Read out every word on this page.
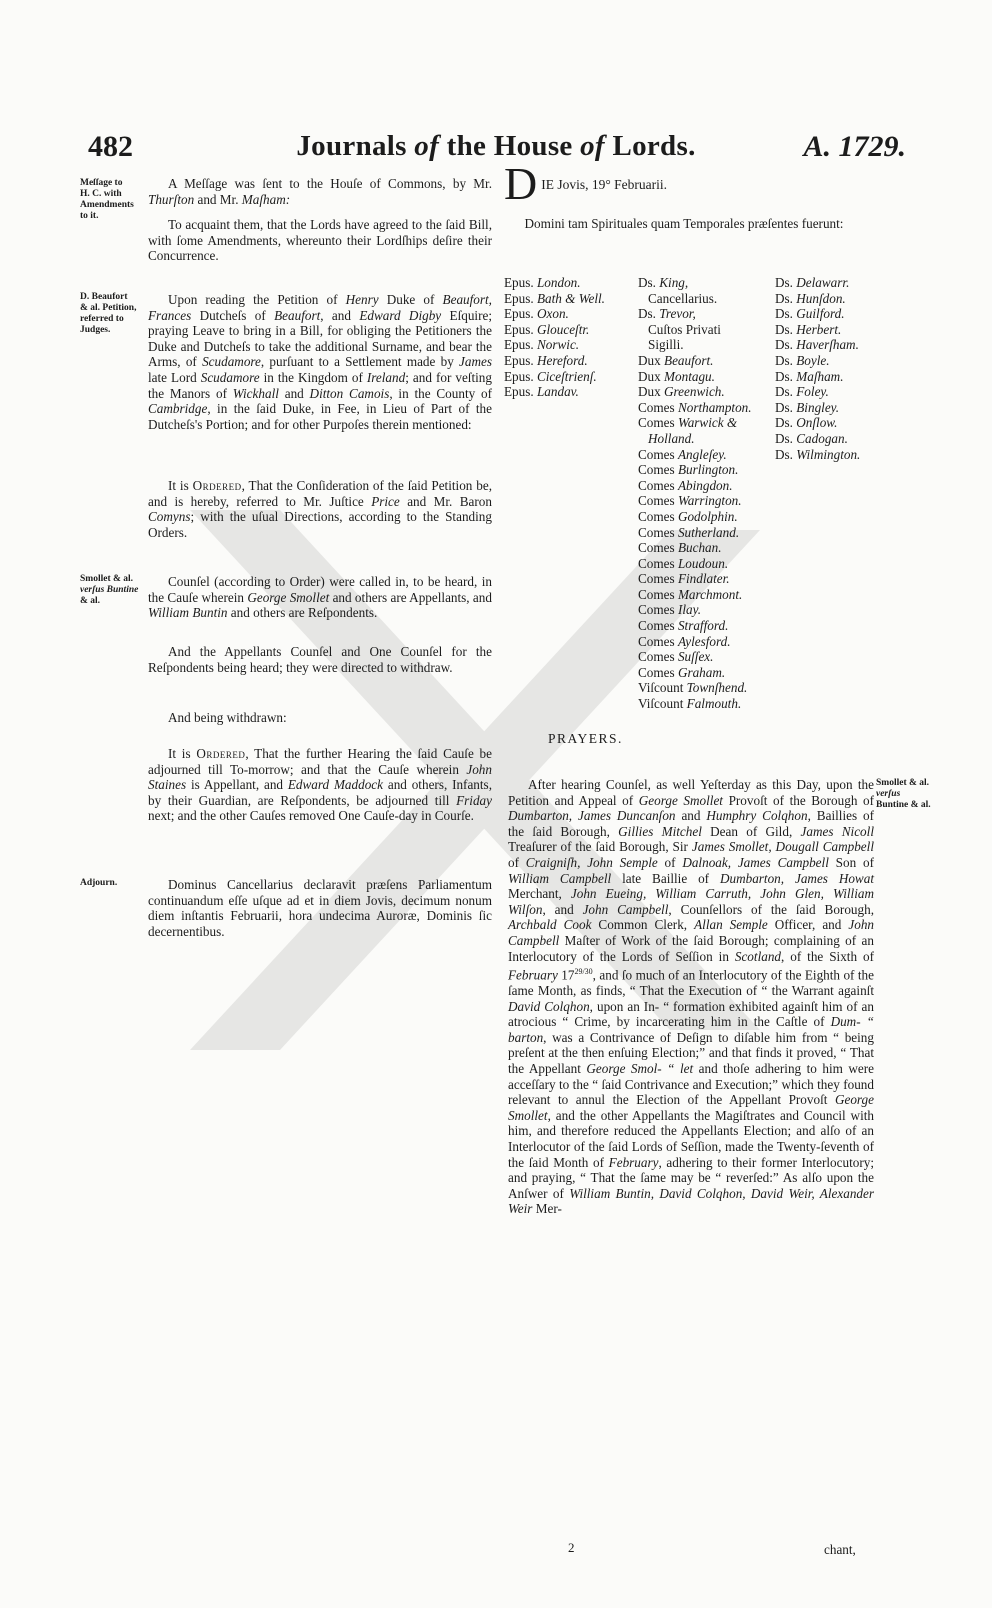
482	Journals of the House of Lords.	A. 1729.
Meſſage to
H. C. with
Amendments
to it.
A Meſſage was ſent to the Houſe of Commons, by Mr. Thurſton and Mr. Maſham:
To acquaint them, that the Lords have agreed to the ſaid Bill, with ſome Amendments, whereunto their Lordſhips deſire their Concurrence.
D. Beaufort
& al. Petition,
referred to
Judges.
Upon reading the Petition of Henry Duke of Beaufort, Frances Dutcheſs of Beaufort, and Edward Digby Eſquire; praying Leave to bring in a Bill, for obliging the Petitioners the Duke and Dutcheſs to take the additional Surname, and bear the Arms, of Scudamore, purſuant to a Settlement made by James late Lord Scudamore in the Kingdom of Ireland; and for veſting the Manors of Wickhall and Ditton Camois, in the County of Cambridge, in the ſaid Duke, in Fee, in Lieu of Part of the Dutcheſs's Portion; and for other Purpoſes therein mentioned:
It is Ordered, That the Conſideration of the ſaid Petition be, and is hereby, referred to Mr. Juſtice Price and Mr. Baron Comyns; with the uſual Directions, according to the Standing Orders.
Smollet & al.
verſus Buntine
& al.
Counſel (according to Order) were called in, to be heard, in the Cauſe wherein George Smollet and others are Appellants, and William Buntin and others are Reſpondents.
And the Appellants Counſel and One Counſel for the Reſpondents being heard; they were directed to withdraw.
And being withdrawn:
It is Ordered, That the further Hearing the ſaid Cauſe be adjourned till To-morrow; and that the Cauſe wherein John Staines is Appellant, and Edward Maddock and others, Infants, by their Guardian, are Reſpondents, be adjourned till Friday next; and the other Cauſes removed One Cauſe-day in Courſe.
Adjourn.	Dominus Cancellarius declaravit præſens Parliamentum continuandum eſſe uſque ad et in diem Jovis, decimum nonum diem inſtantis Februarii, hora undecima Auroræ, Dominis ſic decernentibus.
D IE Jovis, 19° Februarii.
Domini tam Spirituales quam Temporales præſentes fuerunt:
Epus. London.
Epus. Bath & Well.
Epus. Oxon.
Epus. Glouceſtr.
Epus. Norwic.
Epus. Hereford.
Epus. Ciceſtrienſ.
Epus. Landav.
Ds. King,
Cancellarius.
Ds. Trevor,
Cuſtos Privati
Sigilli.
Dux Beaufort.
Dux Montagu.
Dux Greenwich.
Comes Northampton.
Comes Warwick &
Holland.
Comes Angleſey.
Comes Burlington.
Comes Abingdon.
Comes Warrington.
Comes Godolphin.
Comes Sutherland.
Comes Buchan.
Comes Loudoun.
Comes Findlater.
Comes Marchmont.
Comes Ilay.
Comes Strafford.
Comes Aylesford.
Comes Suſſex.
Comes Graham.
Viſcount Townſhend.
Viſcount Falmouth.
Ds. Delawarr.
Ds. Hunſdon.
Ds. Guilford.
Ds. Herbert.
Ds. Haverſham.
Ds. Boyle.
Ds. Maſham.
Ds. Foley.
Ds. Bingley.
Ds. Onſlow.
Ds. Cadogan.
Ds. Wilmington.
PRAYERS.
Smollet & al.
verſus
Buntine & al.
After hearing Counſel, as well Yeſterday as this Day, upon the Petition and Appeal of George Smollet Provoſt of the Borough of Dumbarton, James Duncanſon and Humphry Colqhon, Baillies of the ſaid Borough, Gillies Mitchel Dean of Gild, James Nicoll Treaſurer of the ſaid Borough, Sir James Smollet, Dougall Campbell of Craigniſh, John Semple of Dalnoak, James Campbell Son of William Campbell late Baillie of Dumbarton, James Howat Merchant, John Eueing, William Carruth, John Glen, William Wilſon, and John Campbell, Counſellors of the ſaid Borough, Archbald Cook Common Clerk, Allan Semple Officer, and John Campbell Maſter of Work of the ſaid Borough; complaining of an Interlocutory of the Lords of Seſſion in Scotland, of the Sixth of February $17^{29/30}$, and ſo much of an Interlocutory of the Eighth of the ſame Month, as finds, “ That the Execution of “ the Warrant againſt David Colqhon, upon an In- “ formation exhibited againſt him of an atrocious “ Crime, by incarcerating him in the Caſtle of Dum- “ barton, was a Contrivance of Deſign to diſable him from “ being preſent at the then enſuing Election;” and that finds it proved, “ That the Appellant George Smol- “ let and thoſe adhering to him were acceſſary to the “ ſaid Contrivance and Execution;” which they found relevant to annul the Election of the Appellant Provoſt George Smollet, and the other Appellants the Magiſtrates and Council with him, and therefore reduced the Appellants Election; and alſo of an Interlocutor of the ſaid Lords of Seſſion, made the Twenty-ſeventh of the ſaid Month of February, adhering to their former Interlocutory; and praying, “ That the ſame may be “ reverſed:” As alſo upon the Anſwer of William Buntin, David Colqhon, David Weir, Alexander Weir Mer-
2	chant,
